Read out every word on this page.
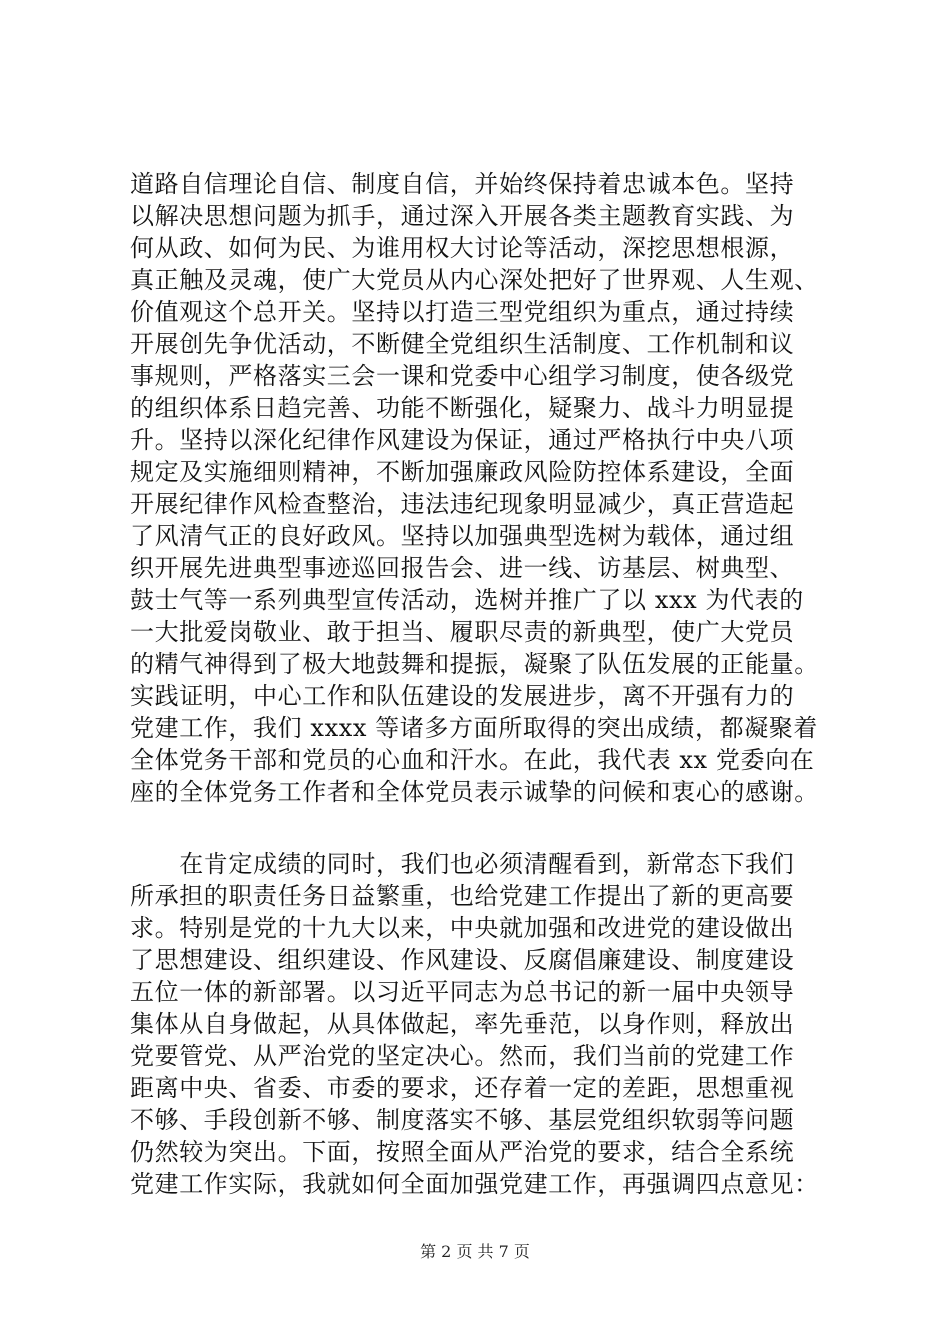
道路自信理论自信、制度自信，并始终保持着忠诚本色。坚持
以解决思想问题为抓手，通过深入开展各类主题教育实践、为
何从政、如何为民、为谁用权大讨论等活动，深挖思想根源，
真正触及灵魂，使广大党员从内心深处把好了世界观、人生观、
价值观这个总开关。坚持以打造三型党组织为重点，通过持续
开展创先争优活动，不断健全党组织生活制度、工作机制和议
事规则，严格落实三会一课和党委中心组学习制度，使各级党
的组织体系日趋完善、功能不断强化，疑聚力、战斗力明显提
升。坚持以深化纪律作风建设为保证，通过严格执行中央八项
规定及实施细则精神，不断加强廉政风险防控体系建设，全面
开展纪律作风检查整治，违法违纪现象明显减少，真正营造起
了风清气正的良好政风。坚持以加强典型选树为载体，通过组
织开展先进典型事迹巡回报告会、进一线、访基层、树典型、
鼓士气等一系列典型宣传活动，选树并推广了以 xxx 为代表的
一大批爱岗敬业、敢于担当、履职尽责的新典型，使广大党员
的精气神得到了极大地鼓舞和提振，凝聚了队伍发展的正能量。
实践证明，中心工作和队伍建设的发展进步，离不开强有力的
党建工作，我们 xxxx 等诸多方面所取得的突出成绩，都凝聚着
全体党务干部和党员的心血和汗水。在此，我代表 xx 党委向在
座的全体党务工作者和全体党员表示诚挚的问候和衷心的感谢。
　　在肯定成绩的同时，我们也必须清醒看到，新常态下我们
所承担的职责任务日益繁重，也给党建工作提出了新的更高要
求。特别是党的十九大以来，中央就加强和改进党的建设做出
了思想建设、组织建设、作风建设、反腐倡廉建设、制度建设
五位一体的新部署。以习近平同志为总书记的新一届中央领导
集体从自身做起，从具体做起，率先垂范，以身作则，释放出
党要管党、从严治党的坚定决心。然而，我们当前的党建工作
距离中央、省委、市委的要求，还存着一定的差距，思想重视
不够、手段创新不够、制度落实不够、基层党组织软弱等问题
仍然较为突出。下面，按照全面从严治党的要求，结合全系统
党建工作实际，我就如何全面加强党建工作，再强调四点意见：
第 2 页 共 7 页
